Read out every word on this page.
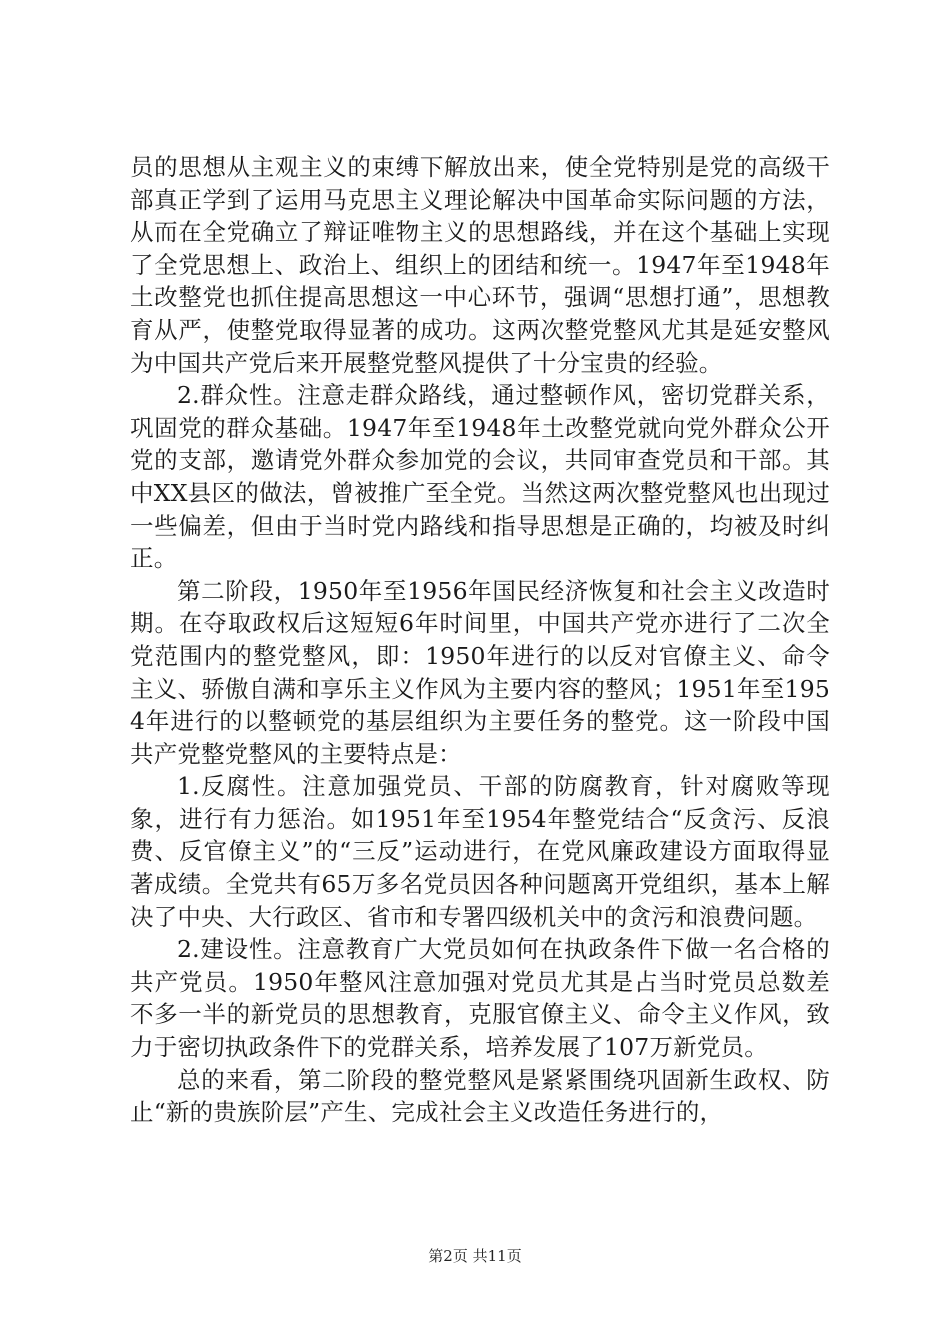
员的思想从主观主义的束缚下解放出来，使全党特别是党的高级干部真正学到了运用马克思主义理论解决中国革命实际问题的方法，从而在全党确立了辩证唯物主义的思想路线，并在这个基础上实现了全党思想上、政治上、组织上的团结和统一。1947年至1948年土改整党也抓住提高思想这一中心环节，强调“思想打通”，思想教育从严，使整党取得显著的成功。这两次整党整风尤其是延安整风为中国共产党后来开展整党整风提供了十分宝贵的经验。

2.群众性。注意走群众路线，通过整顿作风，密切党群关系，巩固党的群众基础。1947年至1948年土改整党就向党外群众公开党的支部，邀请党外群众参加党的会议，共同审查党员和干部。其中XX县区的做法，曾被推广至全党。当然这两次整党整风也出现过一些偏差，但由于当时党内路线和指导思想是正确的，均被及时纠正。

第二阶段，1950年至1956年国民经济恢复和社会主义改造时期。在夺取政权后这短短6年时间里，中国共产党亦进行了二次全党范围内的整党整风，即：1950年进行的以反对官僚主义、命令主义、骄傲自满和享乐主义作风为主要内容的整风；1951年至1954年进行的以整顿党的基层组织为主要任务的整党。这一阶段中国共产党整党整风的主要特点是：

1.反腐性。注意加强党员、干部的防腐教育，针对腐败等现象，进行有力惩治。如1951年至1954年整党结合“反贪污、反浪费、反官僚主义”的“三反”运动进行，在党风廉政建设方面取得显著成绩。全党共有65万多名党员因各种问题离开党组织，基本上解决了中央、大行政区、省市和专署四级机关中的贪污和浪费问题。

2.建设性。注意教育广大党员如何在执政条件下做一名合格的共产党员。1950年整风注意加强对党员尤其是占当时党员总数差不多一半的新党员的思想教育，克服官僚主义、命令主义作风，致力于密切执政条件下的党群关系，培养发展了107万新党员。

总的来看，第二阶段的整党整风是紧紧围绕巩固新生政权、防止“新的贵族阶层”产生、完成社会主义改造任务进行的，

第2页 共11页
